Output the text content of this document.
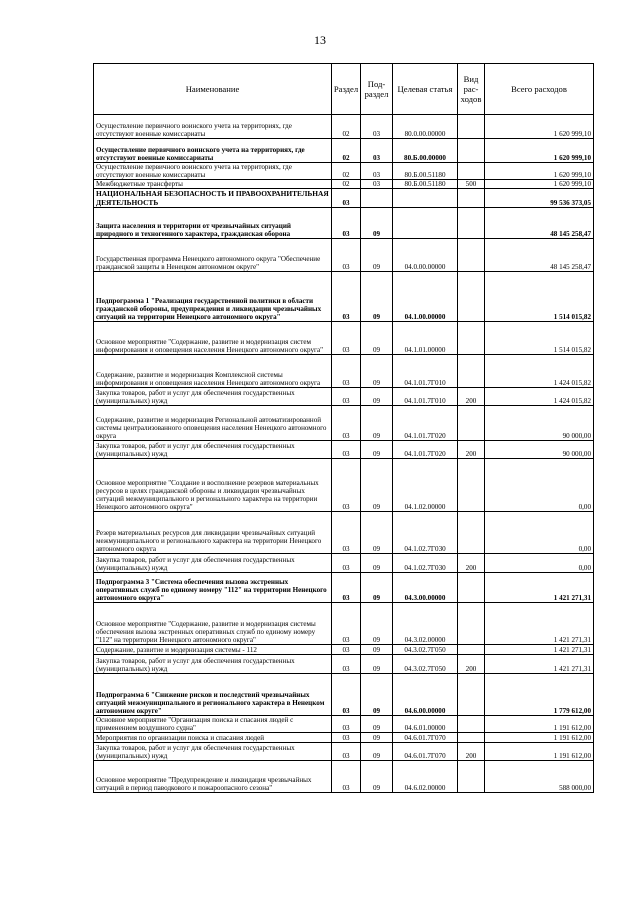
13
Наименование	Раздел	Под-раздел	Целевая статья	Вид рас-ходов	Всего расходов
Осуществление первичного воинского учета на территориях, где отсутствуют военные комиссариаты	02	03	80.0.00.00000		1 620 999,10
Осуществление первичного воинского учета на территориях, где отсутствуют военные комиссариаты	02	03	80.Б.00.00000		1 620 999,10
Осуществление первичного воинского учета на территориях, где отсутствуют военные комиссариаты	02	03	80.Б.00.51180		1 620 999,10
Межбюджетные трансферты	02	03	80.Б.00.51180	500	1 620 999,10
НАЦИОНАЛЬНАЯ БЕЗОПАСНОСТЬ И ПРАВООХРАНИТЕЛЬНАЯ ДЕЯТЕЛЬНОСТЬ	03				99 536 373,05
Защита населения и территории от чрезвычайных ситуаций природного и техногенного характера, гражданская оборона	03	09			48 145 258,47
Государственная программа Ненецкого автономного округа "Обеспечение гражданской защиты в Ненецком автономном округе"	03	09	04.0.00.00000		48 145 258,47
Подпрограмма 1 "Реализация государственной политики в области гражданской обороны, предупреждения и ликвидации чрезвычайных ситуаций на территории Ненецкого автономного округа"	03	09	04.1.00.00000		1 514 015,82
Основное мероприятие "Содержание, развитие и модернизация систем информирования и оповещения населения Ненецкого автономного округа"	03	09	04.1.01.00000		1 514 015,82
Содержание, развитие и модернизация Комплексной системы информирования и оповещения населения Ненецкого автономного округа	03	09	04.1.01.7Г010		1 424 015,82
Закупка товаров, работ и услуг для обеспечения государственных (муниципальных) нужд	03	09	04.1.01.7Г010	200	1 424 015,82
Содержание, развитие и модернизация Региональной автоматизированной системы централизованного оповещения населения Ненецкого автономного округа	03	09	04.1.01.7Г020		90 000,00
Закупка товаров, работ и услуг для обеспечения государственных (муниципальных) нужд	03	09	04.1.01.7Г020	200	90 000,00
Основное мероприятие "Создание и восполнение резервов материальных ресурсов в целях гражданской обороны и ликвидации чрезвычайных ситуаций межмуниципального и регионального характера на территории Ненецкого автономного округа"	03	09	04.1.02.00000		0,00
Резерв материальных ресурсов для ликвидации чрезвычайных ситуаций межмуниципального и регионального характера на территории Ненецкого автономного округа	03	09	04.1.02.7Г030		0,00
Закупка товаров, работ и услуг для обеспечения государственных (муниципальных) нужд	03	09	04.1.02.7Г030	200	0,00
Подпрограмма 3 "Система обеспечения вызова экстренных оперативных служб по единому номеру "112" на территории Ненецкого автономного округа"	03	09	04.3.00.00000		1 421 271,31
Основное мероприятие "Содержание, развитие и модернизация системы обеспечения вызова экстренных оперативных служб по единому номеру "112" на территории Ненецкого автономного округа"	03	09	04.3.02.00000		1 421 271,31
Содержание, развитие и модернизация системы - 112	03	09	04.3.02.7Г050		1 421 271,31
Закупка товаров, работ и услуг для обеспечения государственных (муниципальных) нужд	03	09	04.3.02.7Г050	200	1 421 271,31
Подпрограмма 6 "Снижение рисков и последствий чрезвычайных ситуаций межмуниципального и регионального характера в Ненецком автономном округе"	03	09	04.6.00.00000		1 779 612,00
Основное мероприятие "Организация поиска и спасания людей с применением воздушного судна"	03	09	04.6.01.00000		1 191 612,00
Мероприятия по организации поиска и спасания людей	03	09	04.6.01.7Г070		1 191 612,00
Закупка товаров, работ и услуг для обеспечения государственных (муниципальных) нужд	03	09	04.6.01.7Г070	200	1 191 612,00
Основное мероприятие "Предупреждение и ликвидация чрезвычайных ситуаций в период паводкового и пожароопасного сезона"	03	09	04.6.02.00000		588 000,00
